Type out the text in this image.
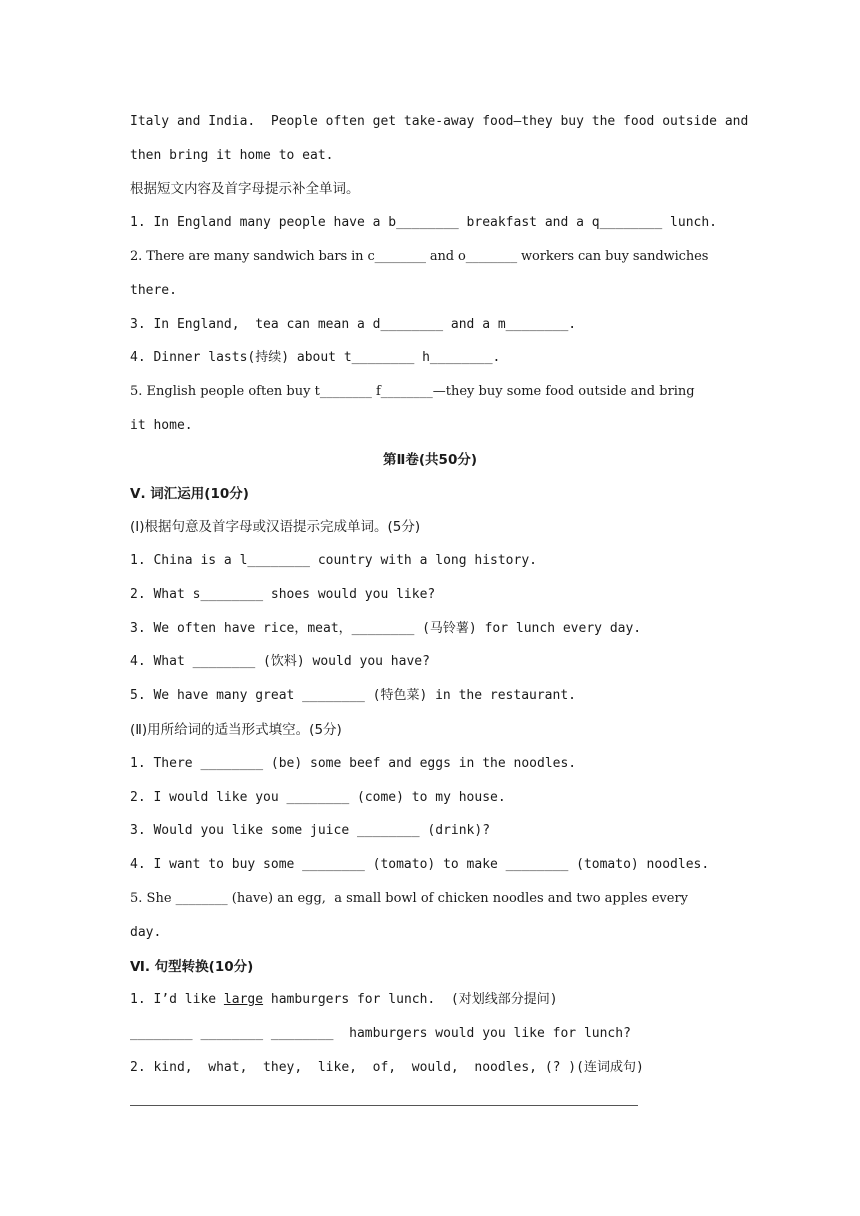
Italy and India.  People often get take-away food—they buy the food outside and
then bring it home to eat.
根据短文内容及首字母提示补全单词。
1. In England many people have a b________ breakfast and a q________ lunch.
2. There are many sandwich bars in c________ and o________ workers can buy sandwiches
there.
3. In England,  tea can mean a d________ and a m________.
4. Dinner lasts(持续) about t________ h________.
5. English people often buy t________ f________—they buy some food outside and bring
it home.
第Ⅱ卷(共50分)
Ⅴ. 词汇运用(10分)
(Ⅰ)根据句意及首字母或汉语提示完成单词。(5分)
1. China is a l________ country with a long history.
2. What s________ shoes would you like?
3. We often have rice，meat，________ (马铃薯) for lunch every day.
4. What ________ (饮料) would you have?
5. We have many great ________ (特色菜) in the restaurant.
(Ⅱ)用所给词的适当形式填空。(5分)
1. There ________ (be) some beef and eggs in the noodles.
2. I would like you ________ (come) to my house.
3. Would you like some juice ________ (drink)?
4. I want to buy some ________ (tomato) to make ________ (tomato) noodles.
5. She ________ (have) an egg,  a small bowl of chicken noodles and two apples every
day.
Ⅵ. 句型转换(10分)
1. I’d like large hamburgers for lunch.  (对划线部分提问)
________ ________ ________  hamburgers would you like for lunch?
2. kind,  what,  they,  like,  of,  would,  noodles, (? )(连词成句)
